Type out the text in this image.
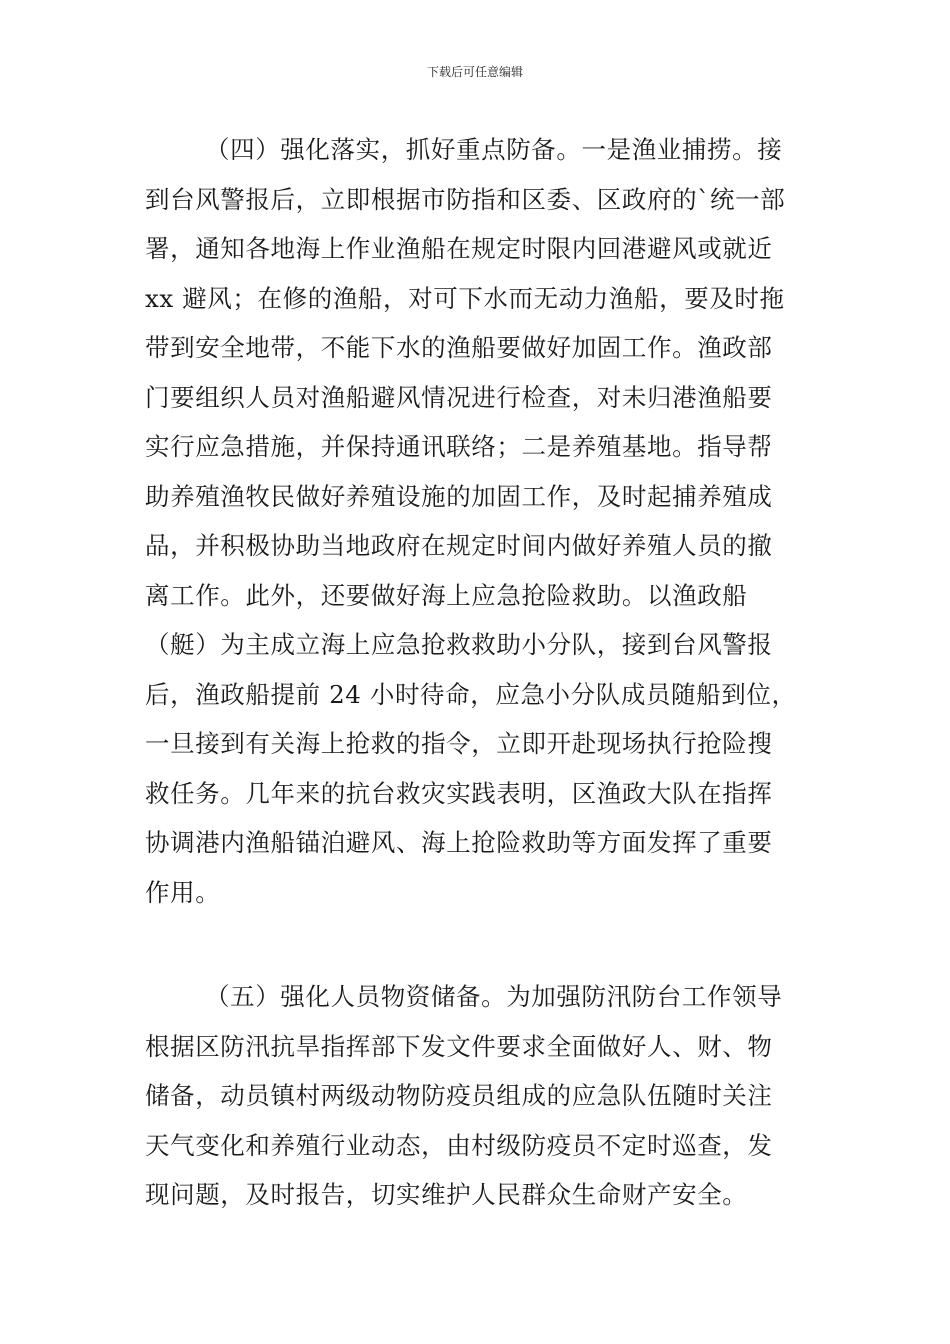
下载后可任意编辑
（四）强化落实，抓好重点防备。一是渔业捕捞。接
到台风警报后，立即根据市防指和区委、区政府的`统一部
署，通知各地海上作业渔船在规定时限内回港避风或就近
xx 避风；在修的渔船，对可下水而无动力渔船，要及时拖
带到安全地带，不能下水的渔船要做好加固工作。渔政部
门要组织人员对渔船避风情况进行检查，对未归港渔船要
实行应急措施，并保持通讯联络；二是养殖基地。指导帮
助养殖渔牧民做好养殖设施的加固工作，及时起捕养殖成
品，并积极协助当地政府在规定时间内做好养殖人员的撤
离工作。此外，还要做好海上应急抢险救助。以渔政船
（艇）为主成立海上应急抢救救助小分队，接到台风警报
后，渔政船提前 24 小时待命，应急小分队成员随船到位，
一旦接到有关海上抢救的指令，立即开赴现场执行抢险搜
救任务。几年来的抗台救灾实践表明，区渔政大队在指挥
协调港内渔船锚泊避风、海上抢险救助等方面发挥了重要
作用。
（五）强化人员物资储备。为加强防汛防台工作领导
根据区防汛抗旱指挥部下发文件要求全面做好人、财、物
储备，动员镇村两级动物防疫员组成的应急队伍随时关注
天气变化和养殖行业动态，由村级防疫员不定时巡查，发
现问题，及时报告，切实维护人民群众生命财产安全。
